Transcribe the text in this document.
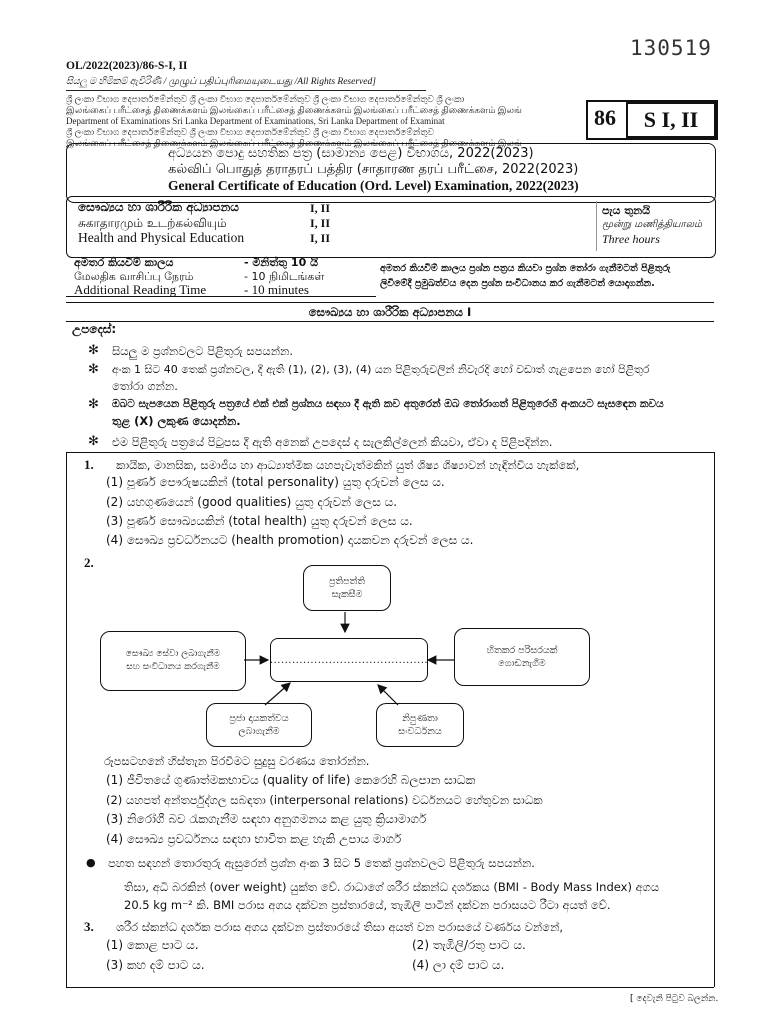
130519
OL/2022(2023)/86-S-I, II
සියලු ම හිමිකම් ඇවිරිණි / முழுப் பதிப்புரிமையுடையது /All Rights Reserved]
ශ්‍රී ලංකා විභාග දෙපාර්තමේන්තුව ශ්‍රී ලංකා විභාග දෙපාර්තමේන්තුව ශ්‍රී ලංකා විභාග දෙපාර්තමේන්තුව ශ්‍රී ලංකා
இலங்கைப் பரீட்சைத் திணைக்களம் இலங்கைப் பரீட்சைத் திணைக்களம் இலங்கைப் பரீட்சைத் திணைக்களம் இலங்
Department of Examinations Sri Lanka Department of Examinations, Sri Lanka Department of Examinat
ශ්‍රී ලංකා විභාග දෙපාර්තමේන්තුව ශ්‍රී ලංකා විභාග දෙපාර්තමේන්තුව ශ්‍රී ලංකා විභාග දෙපාර්තමේන්තුව
இலங்கைப் பரீட்சைத் திணைக்களம் இலங்கைப் பரீட்சைத் திணைக்களம் இலங்கைப் பரீட்சைத் திணைக்களம் இலங்
86	S I, II
අධ්‍යයන පොදු සහතික පත්‍ර (සාමාන්‍ය පෙළ) විභාගය, 2022(2023)
கல்விப் பொதுத் தராதரப் பத்திர (சாதாரண தரப் பரீட்சை, 2022(2023)
General Certificate of Education (Ord. Level) Examination, 2022(2023)
සෞඛ්‍යය හා ශාරීරික අධ්‍යාපනය
சுகாதாரமும் உடற்கல்வியும்
Health and Physical Education
I, II
I, II
I, II
පැය තුනයි
மூன்று மணித்தியாலம்
Three hours
අමතර කියවීම් කාලය	- මිනිත්තු 10 යි
மேலதிக வாசிப்பு நேரம்	- 10 நிமிடங்கள்
Additional Reading Time	- 10 minutes
අමතර කියවීම් කාලය ප්‍රශ්න පත්‍රය කියවා ප්‍රශ්න තෝරා ගැනීමටත් පිළිතුරු
ලිවීමේදී ප්‍රමුඛත්වය දෙන ප්‍රශ්න සංවිධානය කර ගැනීමටත් යොදාගන්න.
සෞඛ්‍යය හා ශාරීරික අධ්‍යාපනය I
උපදෙස්:
✻ සියලු ම ප්‍රශ්නවලට පිළිතුරු සපයන්න.
✻ අංක 1 සිට 40 තෙක් ප්‍රශ්නවල, දී ඇති (1), (2), (3), (4) යන පිළිතුරුවලින් නිවැරදි හෝ වඩාත් ගැළපෙන හෝ පිළිතුර
තෝරා ගන්න.
✻ ඔබට සැපයෙන පිළිතුරු පත්‍රයේ එක් එක් ප්‍රශ්නය සඳහා දී ඇති කව අතුරෙන් ඔබ තෝරාගත් පිළිතුරෙහි අංකයට සැසඳෙන කවය
තුළ (X) ලකුණ යොදන්න.
✻ එම පිළිතුරු පත්‍රයේ පිටුපස දී ඇති අනෙක් උපදෙස් ද සැලකිල්ලෙන් කියවා, ඒවා ද පිළිපදින්න.
1. කායික, මානසික, සමාජීය හා ආධ්‍යාත්මික යහපැවැත්මකින් යුත් ශිෂ්‍ය ශිෂ්‍යාවන් හැඳින්විය හැක්කේ,
(1) පූර්ණ පෞරුෂයකින් (total personality) යුතු දරුවන් ලෙස ය.
(2) යහගුණයෙන් (good qualities) යුතු දරුවන් ලෙස ය.
(3) පූර්ණ සෞඛ්‍යයකින් (total health) යුතු දරුවන් ලෙස ය.
(4) සෞඛ්‍ය ප්‍රවර්ධනයට (health promotion) දායකවන දරුවන් ලෙස ය.
2.
ප්‍රතිපත්ති
සැකසීම
සෞඛ්‍ය සේවා ලබාගැනීම
සහ සංවිධානය කරගැනීම
...........................................
හිතකර පරිසරයක්
ගොඩනැගීම
ප්‍රජා දායකත්වය
ලබාගැනීම
නිපුණතා
සංවර්ධනය
රූපසටහනේ හිස්තැන පිරවීමට සුදුසු වරණය තෝරන්න.
(1) ජීවිතයේ ගුණාත්මකභාවය (quality of life) කෙරෙහි බලපාන සාධක
(2) යහපත් අන්තර්පුද්ගල සබඳතා (interpersonal relations) වර්ධනයට හේතුවන සාධක
(3) නිරෝගී බව රැකගැනීම සඳහා අනුගමනය කළ යුතු ක්‍රියාමාර්ග
(4) සෞඛ්‍ය ප්‍රවර්ධනය සඳහා භාවිත කළ හැකි උපාය මාර්ග
● පහත සඳහන් තොරතුරු ඇසුරෙන් ප්‍රශ්න අංක 3 සිට 5 තෙක් ප්‍රශ්නවලට පිළිතුරු සපයන්න.
තිසා, අධි බරකින් (over weight) යුක්ත වේ. රාධාගේ ශරීර ස්කන්ධ දර්ශකය (BMI - Body Mass Index) අගය
20.5 kg m⁻² කි. BMI පරාස අගය දක්වන ප්‍රස්තාරයේ, තැඹිලි පාටින් දක්වන පරාසයට රීටා අයත් වේ.
3. ශරීර ස්කන්ධ දර්ශක පරාස අගය දක්වන ප්‍රස්තාරයේ තිසා අයත් වන පරාසයේ වර්ණය වන්නේ,
(1) කොළ පාට ය.	(2) තැඹිලි/රතු පාට ය.
(3) කහ දම් පාට ය.	(4) ලා දම් පාට ය.
[ දෙවැනි පිටුව බලන්න.
